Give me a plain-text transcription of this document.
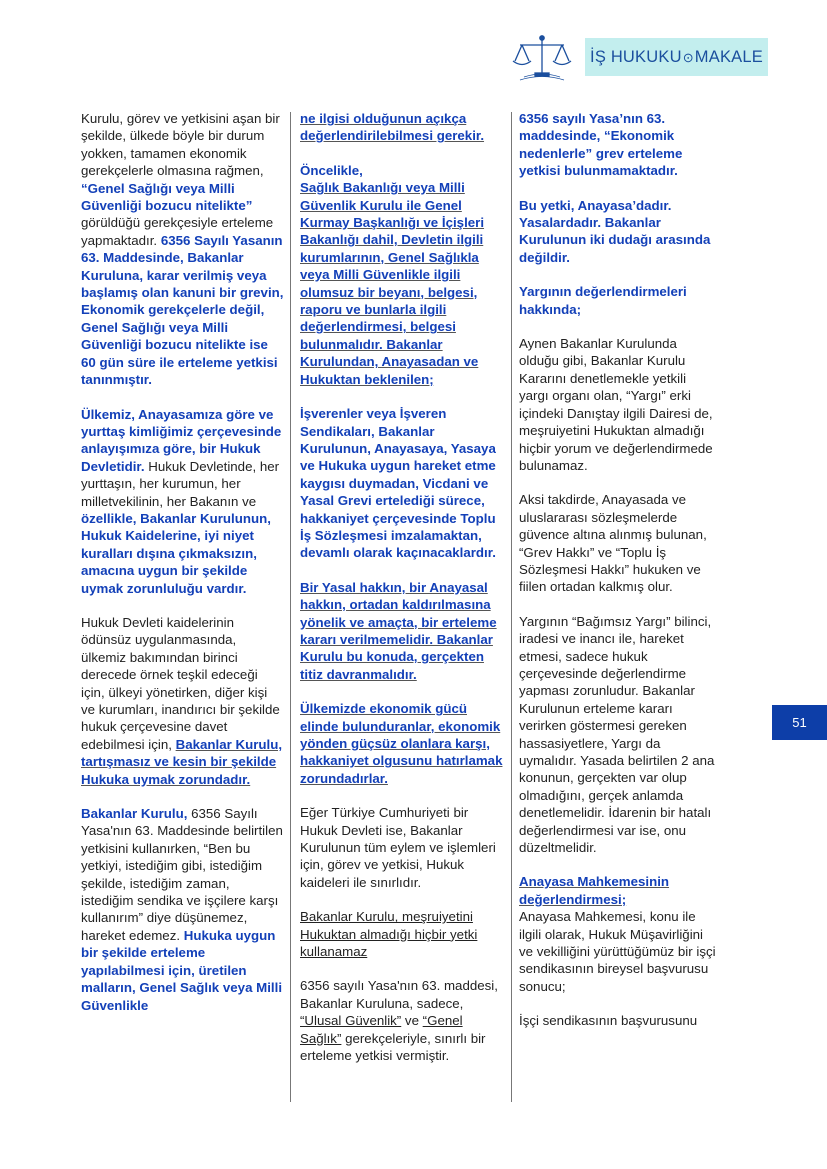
İŞ HUKUKU⊙MAKALE

Kurulu, görev ve yetkisini aşan bir şekilde, ülkede böyle bir durum yokken, tamamen ekonomik gerekçelerle olmasına rağmen, “Genel Sağlığı veya Milli Güvenliği bozucu nitelikte” görüldüğü gerekçesiyle erteleme yapmaktadır. 6356 Sayılı Yasanın 63. Maddesinde, Bakanlar Kuruluna, karar verilmiş veya başlamış olan kanuni bir grevin, Ekonomik gerekçelerle değil, Genel Sağlığı veya Milli Güvenliği bozucu nitelikte ise 60 gün süre ile erteleme yetkisi tanınmıştır.

Ülkemiz, Anayasamıza göre ve yurttaş kimliğimiz çerçevesinde anlayışımıza göre, bir Hukuk Devletidir. Hukuk Devletinde, her yurttaşın, her kurumun, her milletvekilinin, her Bakanın ve özellikle, Bakanlar Kurulunun, Hukuk Kaidelerine, iyi niyet kuralları dışına çıkmaksızın, amacına uygun bir şekilde uymak zorunluluğu vardır.

Hukuk Devleti kaidelerinin ödünsüz uygulanmasında, ülkemiz bakımından birinci derecede örnek teşkil edeceği için, ülkeyi yönetirken, diğer kişi ve kurumları, inandırıcı bir şekilde hukuk çerçevesine davet edebilmesi için, Bakanlar Kurulu, tartışmasız ve kesin bir şekilde Hukuka uymak zorundadır.

Bakanlar Kurulu, 6356 Sayılı Yasa'nın 63. Maddesinde belirtilen yetkisini kullanırken, “Ben bu yetkiyi, istediğim gibi, istediğim şekilde, istediğim zaman, istediğim sendika ve işçilere karşı kullanırım” diye düşünemez, hareket edemez. Hukuka uygun bir şekilde erteleme yapılabilmesi için, üretilen malların, Genel Sağlık veya Milli Güvenlikle

ne ilgisi olduğunun açıkça değerlendirilebilmesi gerekir.

Öncelikle,
Sağlık Bakanlığı veya Milli Güvenlik Kurulu ile Genel Kurmay Başkanlığı ve İçişleri Bakanlığı dahil, Devletin ilgili kurumlarının, Genel Sağlıkla veya Milli Güvenlikle ilgili olumsuz bir beyanı, belgesi, raporu ve bunlarla ilgili değerlendirmesi, belgesi bulunmalıdır. Bakanlar Kurulundan, Anayasadan ve Hukuktan beklenilen;

İşverenler veya İşveren Sendikaları, Bakanlar Kurulunun, Anayasaya, Yasaya ve Hukuka uygun hareket etme kaygısı duymadan, Vicdani ve Yasal Grevi ertelediği sürece, hakkaniyet çerçevesinde Toplu İş Sözleşmesi imzalamaktan, devamlı olarak kaçınacaklardır.

Bir Yasal hakkın, bir Anayasal hakkın, ortadan kaldırılmasına yönelik ve amaçta, bir erteleme kararı verilmemelidir. Bakanlar Kurulu bu konuda, gerçekten titiz davranmalıdır.

Ülkemizde ekonomik gücü elinde bulunduranlar, ekonomik yönden güçsüz olanlara karşı, hakkaniyet olgusunu hatırlamak zorundadırlar.

Eğer Türkiye Cumhuriyeti bir Hukuk Devleti ise, Bakanlar Kurulunun tüm eylem ve işlemleri için, görev ve yetkisi, Hukuk kaideleri ile sınırlıdır.

Bakanlar Kurulu, meşruiyetini Hukuktan almadığı hiçbir yetki kullanamaz

6356 sayılı Yasa'nın 63. maddesi, Bakanlar Kuruluna, sadece, “Ulusal Güvenlik” ve “Genel Sağlık” gerekçeleriyle, sınırlı bir erteleme yetkisi vermiştir.

6356 sayılı Yasa’nın 63. maddesinde, “Ekonomik nedenlerle” grev erteleme yetkisi bulunmamaktadır.

Bu yetki, Anayasa’dadır. Yasalardadır. Bakanlar Kurulunun iki dudağı arasında değildir.

Yargının değerlendirmeleri hakkında;

Aynen Bakanlar Kurulunda olduğu gibi, Bakanlar Kurulu Kararını denetlemekle yetkili yargı organı olan, “Yargı” erki içindeki Danıştay ilgili Dairesi de, meşruiyetini Hukuktan almadığı hiçbir yorum ve değerlendirmede bulunamaz.

Aksi takdirde, Anayasada ve uluslararası sözleşmelerde güvence altına alınmış bulunan, “Grev Hakkı” ve “Toplu İş Sözleşmesi Hakkı” hukuken ve fiilen ortadan kalkmış olur.

Yargının “Bağımsız Yargı” bilinci, iradesi ve inancı ile, hareket etmesi, sadece hukuk çerçevesinde değerlendirme yapması zorunludur. Bakanlar Kurulunun erteleme kararı verirken göstermesi gereken hassasiyetlere, Yargı da uymalıdır. Yasada belirtilen 2 ana konunun, gerçekten var olup olmadığını, gerçek anlamda denetlemelidir. İdarenin bir hatalı değerlendirmesi var ise, onu düzeltmelidir.

Anayasa Mahkemesinin değerlendirmesi;
Anayasa Mahkemesi, konu ile ilgili olarak, Hukuk Müşavirliğini ve vekilliğini yürüttüğümüz bir işçi sendikasının bireysel başvurusu sonucu;

İşçi sendikasının başvurusunu

51
